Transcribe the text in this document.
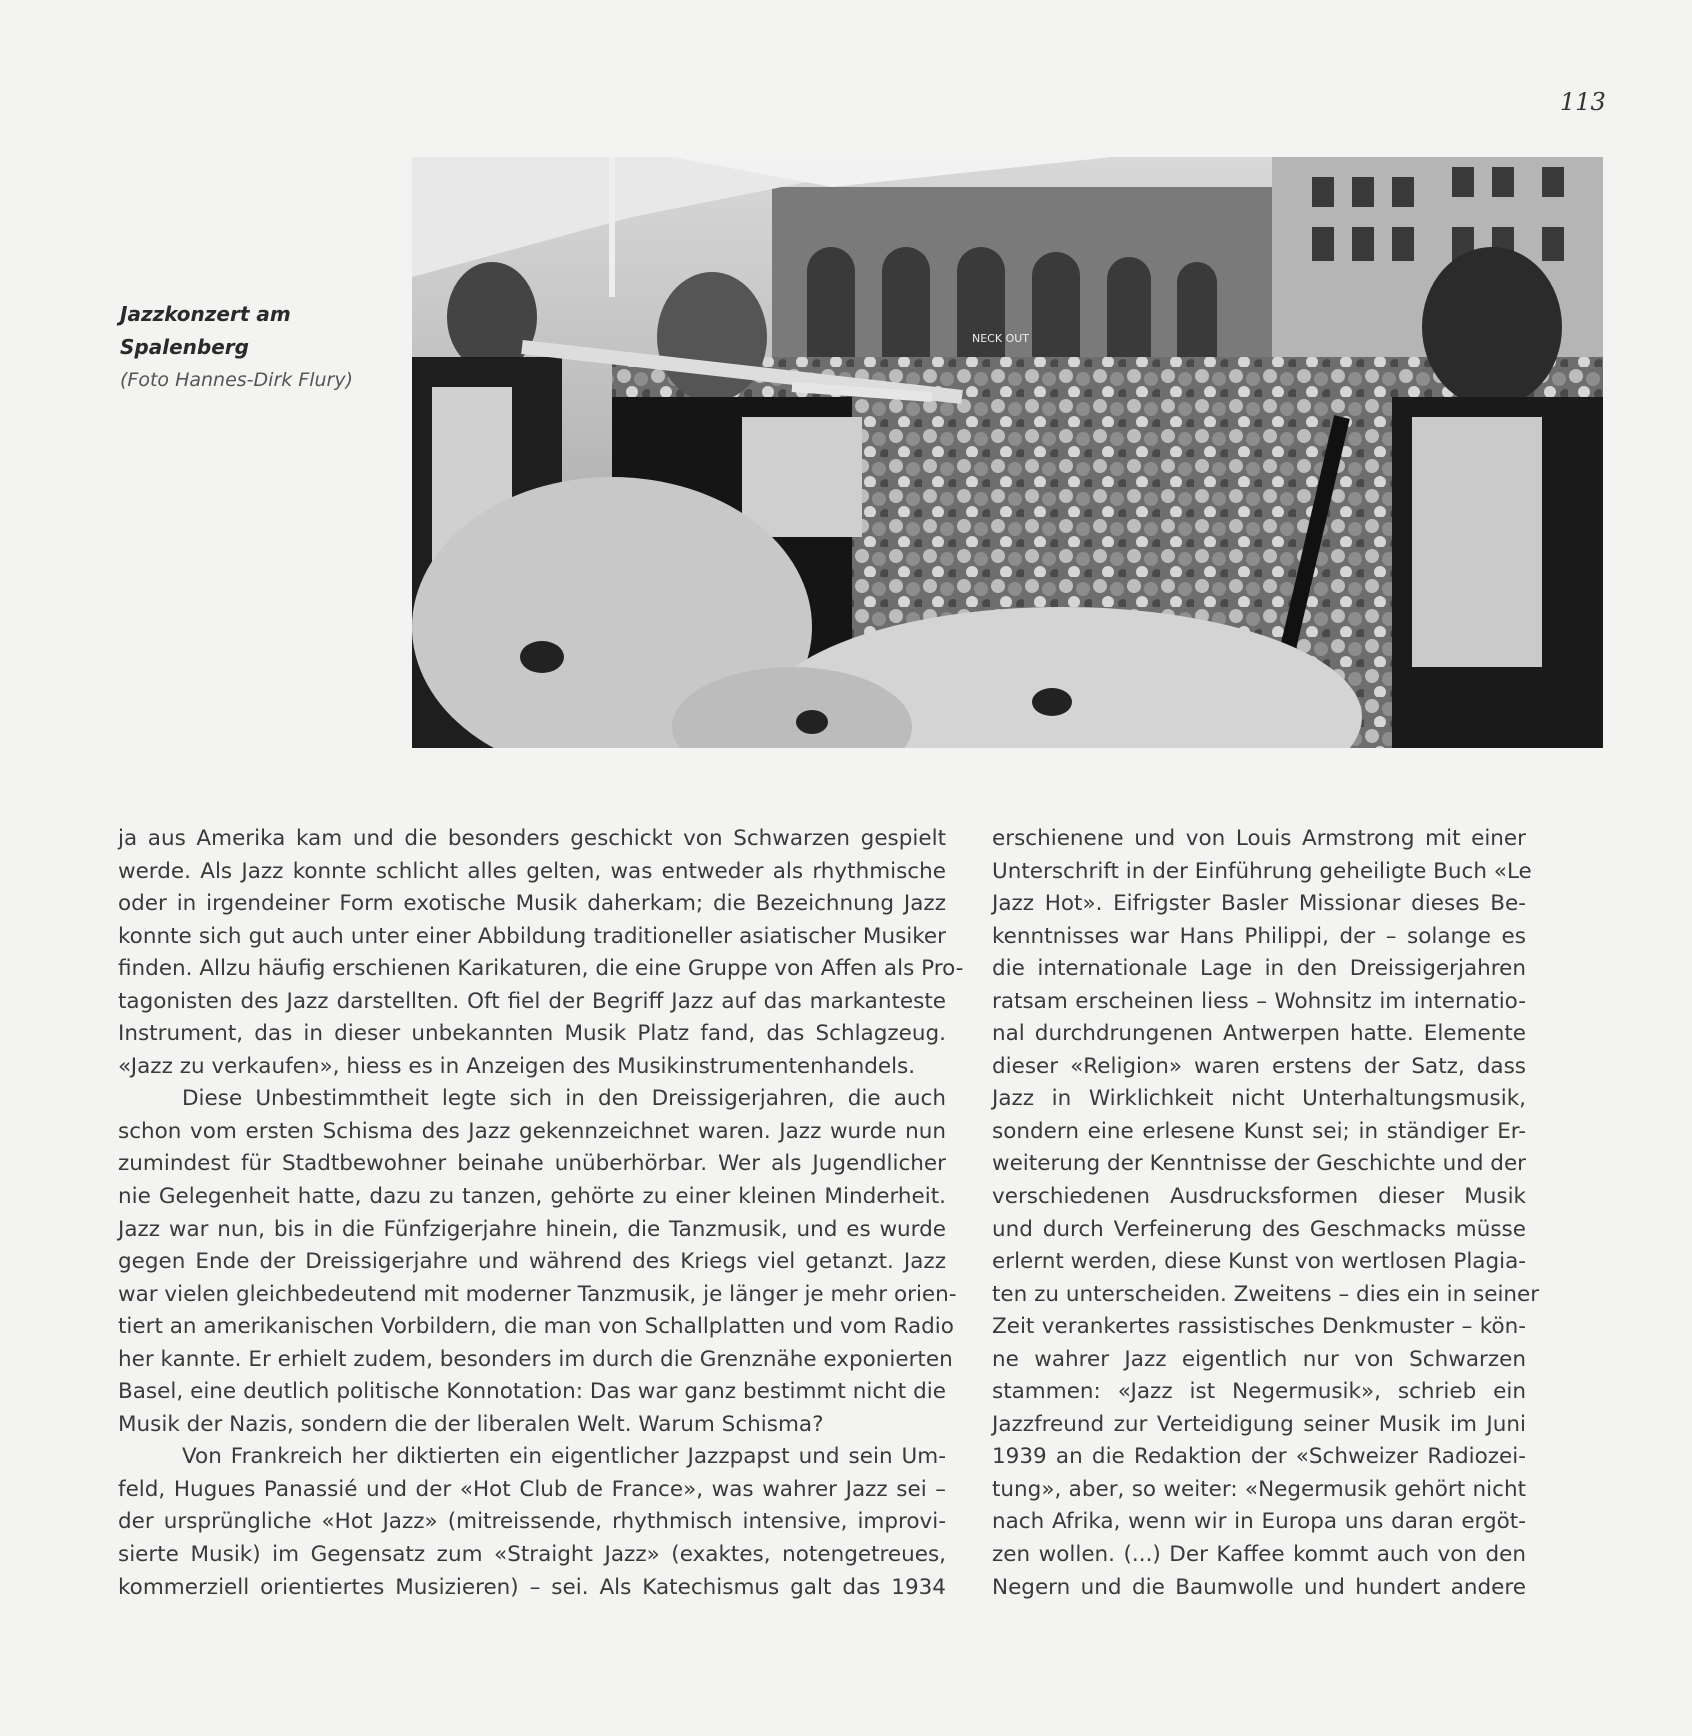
113
Jazzkonzert am
Spalenberg
(Foto Hannes-Dirk Flury)
NECK OUT
ja aus Amerika kam und die besonders geschickt von Schwarzen gespielt
werde. Als Jazz konnte schlicht alles gelten, was entweder als rhythmische
oder in irgendeiner Form exotische Musik daherkam; die Bezeichnung Jazz
konnte sich gut auch unter einer Abbildung traditioneller asiatischer Musiker
finden. Allzu häufig erschienen Karikaturen, die eine Gruppe von Affen als Pro-
tagonisten des Jazz darstellten. Oft fiel der Begriff Jazz auf das markanteste
Instrument, das in dieser unbekannten Musik Platz fand, das Schlagzeug.
«Jazz zu verkaufen», hiess es in Anzeigen des Musikinstrumentenhandels.
Diese Unbestimmtheit legte sich in den Dreissigerjahren, die auch
schon vom ersten Schisma des Jazz gekennzeichnet waren. Jazz wurde nun
zumindest für Stadtbewohner beinahe unüberhörbar. Wer als Jugendlicher
nie Gelegenheit hatte, dazu zu tanzen, gehörte zu einer kleinen Minderheit.
Jazz war nun, bis in die Fünfzigerjahre hinein, die Tanzmusik, und es wurde
gegen Ende der Dreissigerjahre und während des Kriegs viel getanzt. Jazz
war vielen gleichbedeutend mit moderner Tanzmusik, je länger je mehr orien-
tiert an amerikanischen Vorbildern, die man von Schallplatten und vom Radio
her kannte. Er erhielt zudem, besonders im durch die Grenznähe exponierten
Basel, eine deutlich politische Konnotation: Das war ganz bestimmt nicht die
Musik der Nazis, sondern die der liberalen Welt. Warum Schisma?
Von Frankreich her diktierten ein eigentlicher Jazzpapst und sein Um-
feld, Hugues Panassié und der «Hot Club de France», was wahrer Jazz sei –
der ursprüngliche «Hot Jazz» (mitreissende, rhythmisch intensive, improvi-
sierte Musik) im Gegensatz zum «Straight Jazz» (exaktes, notengetreues,
kommerziell orientiertes Musizieren) – sei. Als Katechismus galt das 1934
erschienene und von Louis Armstrong mit einer
Unterschrift in der Einführung geheiligte Buch «Le
Jazz Hot». Eifrigster Basler Missionar dieses Be-
kenntnisses war Hans Philippi, der – solange es
die internationale Lage in den Dreissigerjahren
ratsam erscheinen liess – Wohnsitz im internatio-
nal durchdrungenen Antwerpen hatte. Elemente
dieser «Religion» waren erstens der Satz, dass
Jazz in Wirklichkeit nicht Unterhaltungsmusik,
sondern eine erlesene Kunst sei; in ständiger Er-
weiterung der Kenntnisse der Geschichte und der
verschiedenen Ausdrucksformen dieser Musik
und durch Verfeinerung des Geschmacks müsse
erlernt werden, diese Kunst von wertlosen Plagia-
ten zu unterscheiden. Zweitens – dies ein in seiner
Zeit verankertes rassistisches Denkmuster – kön-
ne wahrer Jazz eigentlich nur von Schwarzen
stammen: «Jazz ist Negermusik», schrieb ein
Jazzfreund zur Verteidigung seiner Musik im Juni
1939 an die Redaktion der «Schweizer Radiozei-
tung», aber, so weiter: «Negermusik gehört nicht
nach Afrika, wenn wir in Europa uns daran ergöt-
zen wollen. (...) Der Kaffee kommt auch von den
Negern und die Baumwolle und hundert andere
